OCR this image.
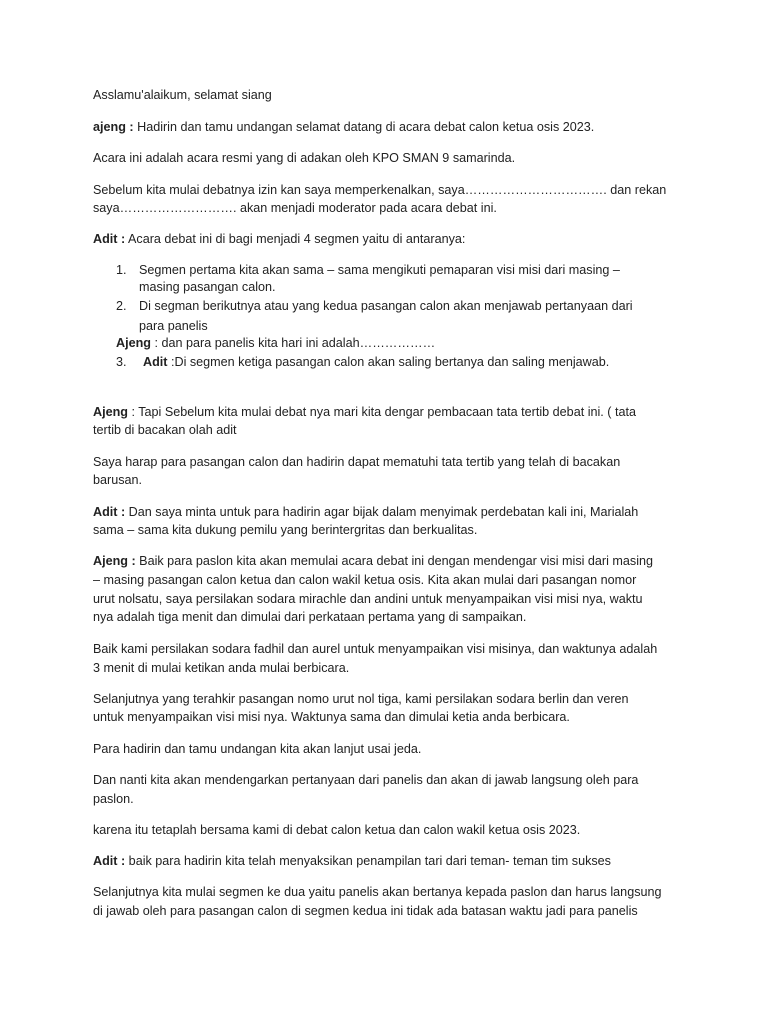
Asslamu'alaikum, selamat siang
ajeng : Hadirin dan tamu undangan selamat datang di acara debat calon ketua osis 2023.
Acara ini adalah acara resmi yang di adakan oleh KPO SMAN 9 samarinda.
Sebelum kita mulai debatnya izin kan saya memperkenalkan, saya……………………………. dan rekan
saya………………………. akan menjadi moderator pada acara debat ini.
Adit : Acara debat ini di bagi menjadi 4 segmen yaitu di antaranya:
1. Segmen pertama kita akan sama – sama mengikuti pemaparan visi misi dari masing –
masing pasangan calon.
2. Di segman berikutnya atau yang kedua pasangan calon akan menjawab pertanyaan dari
para panelis
Ajeng : dan para panelis kita hari ini adalah………………
3. Adit :Di segmen ketiga pasangan calon akan saling bertanya dan saling menjawab.
Ajeng : Tapi Sebelum kita mulai debat nya mari kita dengar pembacaan tata tertib debat ini. ( tata
tertib di bacakan olah adit
Saya harap para pasangan calon dan hadirin dapat mematuhi tata tertib yang telah di bacakan
barusan.
Adit : Dan saya minta untuk para hadirin agar bijak dalam menyimak perdebatan kali ini, Marialah
sama – sama kita dukung pemilu yang berintergritas dan berkualitas.
Ajeng : Baik para paslon kita akan memulai acara debat ini dengan mendengar visi misi dari masing
– masing pasangan calon ketua dan calon wakil ketua osis. Kita akan mulai dari pasangan nomor
urut nolsatu, saya persilakan sodara mirachle dan andini untuk menyampaikan visi misi nya, waktu
nya adalah tiga menit dan dimulai dari perkataan pertama yang di sampaikan.
Baik kami persilakan sodara fadhil dan aurel untuk menyampaikan visi misinya, dan waktunya adalah
3 menit di mulai ketikan anda mulai berbicara.
Selanjutnya yang terahkir pasangan nomo urut nol tiga, kami persilakan sodara berlin dan veren
untuk menyampaikan visi misi nya. Waktunya sama dan dimulai ketia anda berbicara.
Para hadirin dan tamu undangan kita akan lanjut usai jeda.
Dan nanti kita akan mendengarkan pertanyaan dari panelis dan akan di jawab langsung oleh para
paslon.
karena itu tetaplah bersama kami di debat calon ketua dan calon wakil ketua osis 2023.
Adit : baik para hadirin kita telah menyaksikan penampilan tari dari teman- teman tim sukses
Selanjutnya kita mulai segmen ke dua yaitu panelis akan bertanya kepada paslon dan harus langsung
di jawab oleh para pasangan calon di segmen kedua ini tidak ada batasan waktu jadi para panelis
